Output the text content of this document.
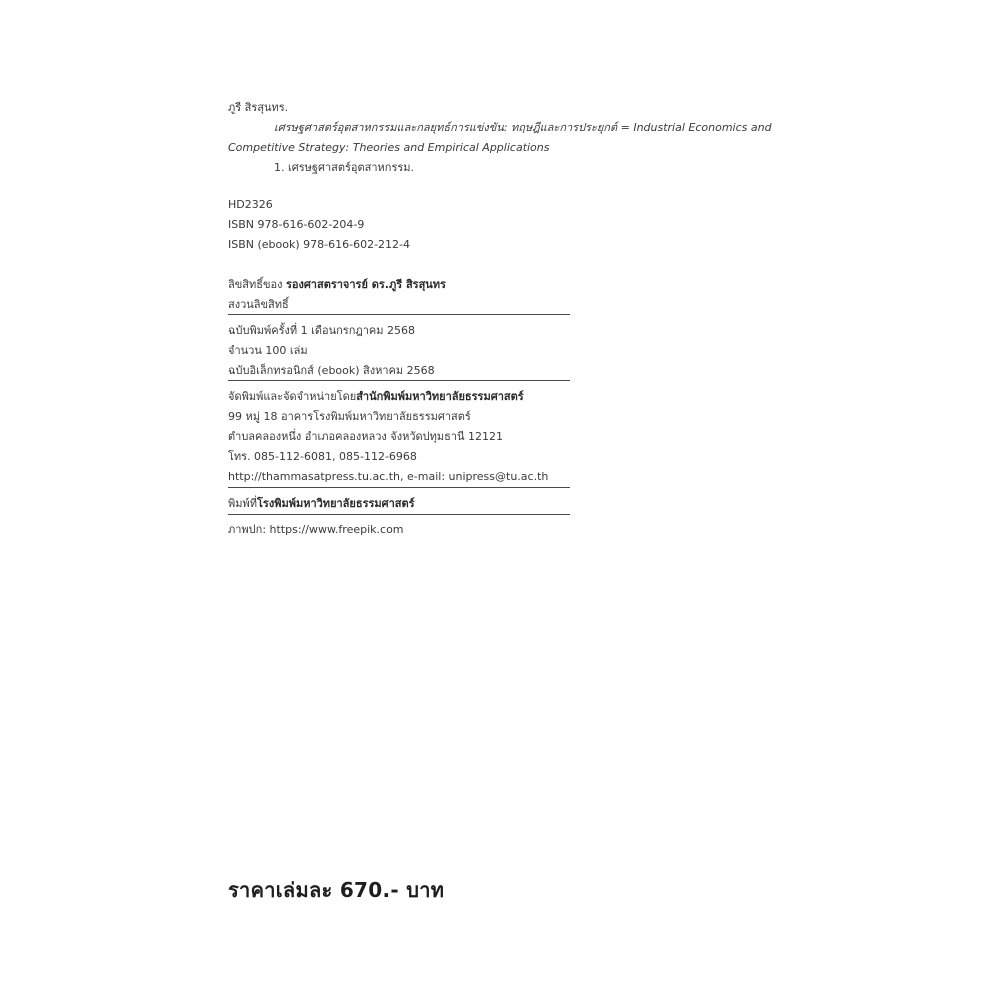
ภูรี สิรสุนทร.
เศรษฐศาสตร์อุตสาหกรรมและกลยุทธ์การแข่งขัน: ทฤษฎีและการประยุกต์ = Industrial Economics and
Competitive Strategy: Theories and Empirical Applications
1. เศรษฐศาสตร์อุตสาหกรรม.
HD2326
ISBN 978-616-602-204-9
ISBN (ebook) 978-616-602-212-4
ลิขสิทธิ์ของ รองศาสตราจารย์ ดร.ภูรี สิรสุนทร
สงวนลิขสิทธิ์
ฉบับพิมพ์ครั้งที่ 1 เดือนกรกฎาคม 2568
จำนวน 100 เล่ม
ฉบับอิเล็กทรอนิกส์ (ebook) สิงหาคม 2568
จัดพิมพ์และจัดจำหน่ายโดยสำนักพิมพ์มหาวิทยาลัยธรรมศาสตร์
99 หมู่ 18 อาคารโรงพิมพ์มหาวิทยาลัยธรรมศาสตร์
ตำบลคลองหนึ่ง อำเภอคลองหลวง จังหวัดปทุมธานี 12121
โทร. 085-112-6081, 085-112-6968
http://thammasatpress.tu.ac.th, e-mail: unipress@tu.ac.th
พิมพ์ที่โรงพิมพ์มหาวิทยาลัยธรรมศาสตร์
ภาพปก: https://www.freepik.com
ราคาเล่มละ 670.- บาท
